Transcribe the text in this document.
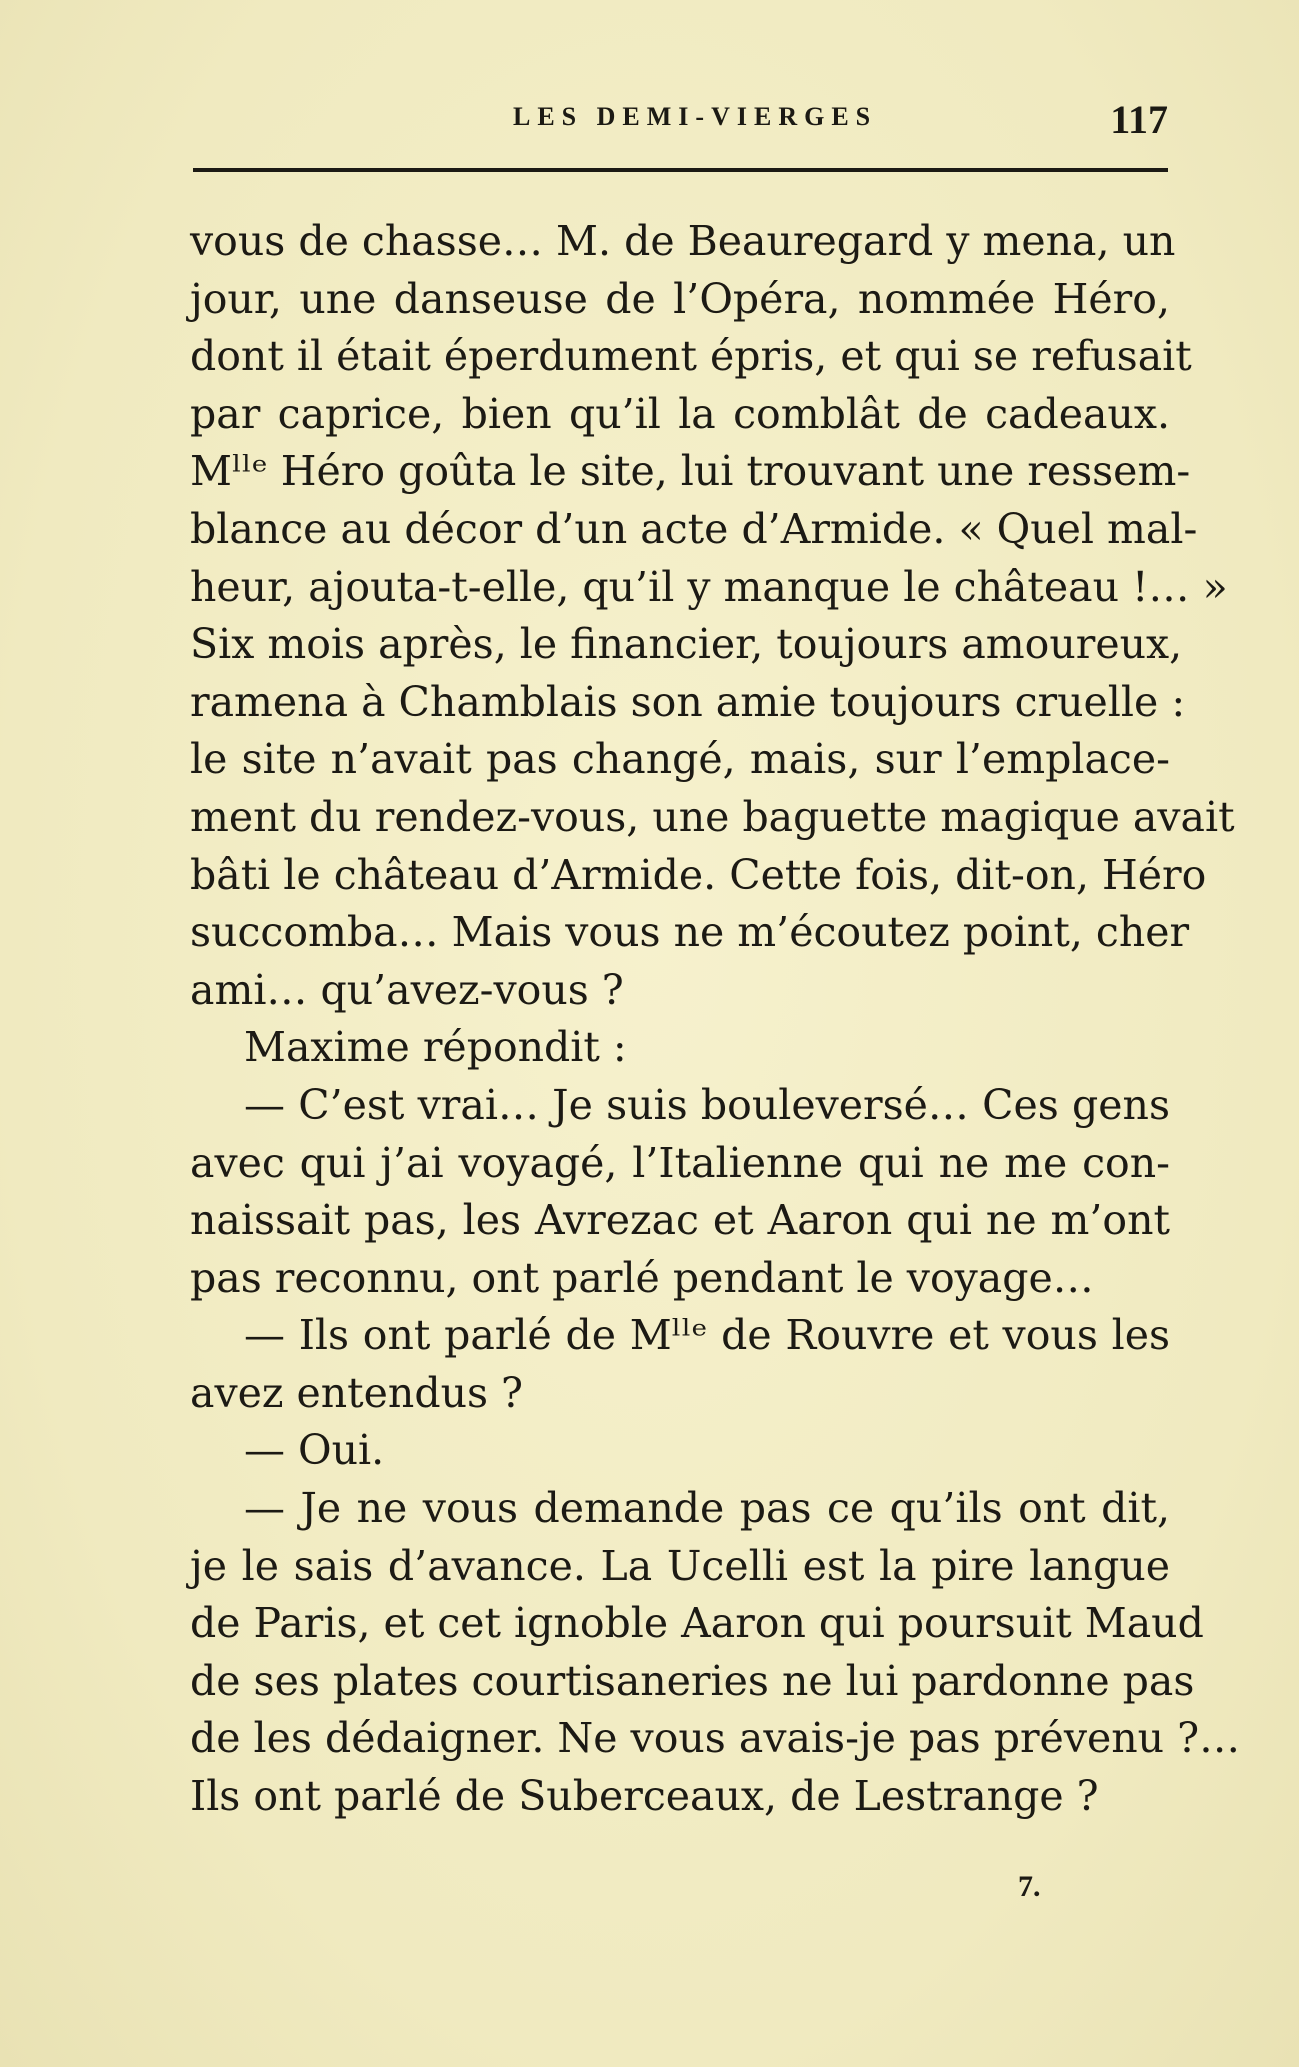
LES DEMI-VIERGES	117
vous de chasse… M. de Beauregard y mena, un
jour, une danseuse de l’Opéra, nommée Héro,
dont il était éperdument épris, et qui se refusait
par caprice, bien qu’il la comblât de cadeaux.
Mˡˡᵉ Héro goûta le site, lui trouvant une ressem-
blance au décor d’un acte d’Armide. « Quel mal-
heur, ajouta-t-elle, qu’il y manque le château !… »
Six mois après, le financier, toujours amoureux,
ramena à Chamblais son amie toujours cruelle :
le site n’avait pas changé, mais, sur l’emplace-
ment du rendez-vous, une baguette magique avait
bâti le château d’Armide. Cette fois, dit-on, Héro
succomba… Mais vous ne m’écoutez point, cher
ami… qu’avez-vous ?
Maxime répondit :
— C’est vrai… Je suis bouleversé… Ces gens
avec qui j’ai voyagé, l’Italienne qui ne me con-
naissait pas, les Avrezac et Aaron qui ne m’ont
pas reconnu, ont parlé pendant le voyage…
— Ils ont parlé de Mˡˡᵉ de Rouvre et vous les
avez entendus ?
— Oui.
— Je ne vous demande pas ce qu’ils ont dit,
je le sais d’avance. La Ucelli est la pire langue
de Paris, et cet ignoble Aaron qui poursuit Maud
de ses plates courtisaneries ne lui pardonne pas
de les dédaigner. Ne vous avais-je pas prévenu ?…
Ils ont parlé de Suberceaux, de Lestrange ?
7.
